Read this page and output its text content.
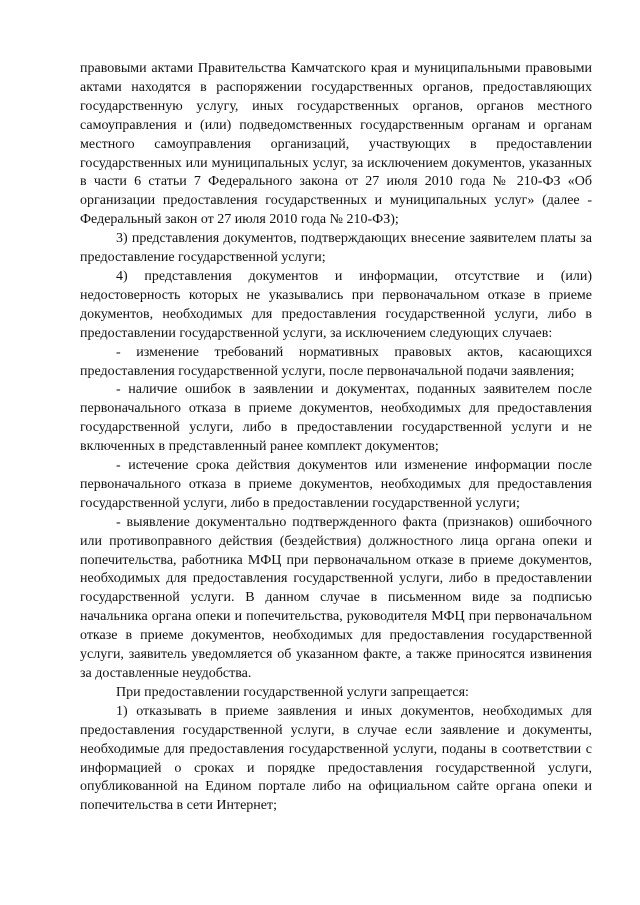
правовыми актами Правительства Камчатского края и муниципальными правовыми актами находятся в распоряжении государственных органов, предоставляющих государственную услугу, иных государственных органов, органов местного самоуправления и (или) подведомственных государственным органам и органам местного самоуправления организаций, участвующих в предоставлении государственных или муниципальных услуг, за исключением документов, указанных в части 6 статьи 7 Федерального закона от 27 июля 2010 года № 210-ФЗ «Об организации предоставления государственных и муниципальных услуг» (далее - Федеральный закон от 27 июля 2010 года № 210-ФЗ);

3) представления документов, подтверждающих внесение заявителем платы за предоставление государственной услуги;

4) представления документов и информации, отсутствие и (или) недостоверность которых не указывались при первоначальном отказе в приеме документов, необходимых для предоставления государственной услуги, либо в предоставлении государственной услуги, за исключением следующих случаев:

- изменение требований нормативных правовых актов, касающихся предоставления государственной услуги, после первоначальной подачи заявления;

- наличие ошибок в заявлении и документах, поданных заявителем после первоначального отказа в приеме документов, необходимых для предоставления государственной услуги, либо в предоставлении государственной услуги и не включенных в представленный ранее комплект документов;

- истечение срока действия документов или изменение информации после первоначального отказа в приеме документов, необходимых для предоставления государственной услуги, либо в предоставлении государственной услуги;

- выявление документально подтвержденного факта (признаков) ошибочного или противоправного действия (бездействия) должностного лица органа опеки и попечительства, работника МФЦ при первоначальном отказе в приеме документов, необходимых для предоставления государственной услуги, либо в предоставлении государственной услуги. В данном случае в письменном виде за подписью начальника органа опеки и попечительства, руководителя МФЦ при первоначальном отказе в приеме документов, необходимых для предоставления государственной услуги, заявитель уведомляется об указанном факте, а также приносятся извинения за доставленные неудобства.

При предоставлении государственной услуги запрещается:

1) отказывать в приеме заявления и иных документов, необходимых для предоставления государственной услуги, в случае если заявление и документы, необходимые для предоставления государственной услуги, поданы в соответствии с информацией о сроках и порядке предоставления государственной услуги, опубликованной на Едином портале либо на официальном сайте органа опеки и попечительства в сети Интернет;
